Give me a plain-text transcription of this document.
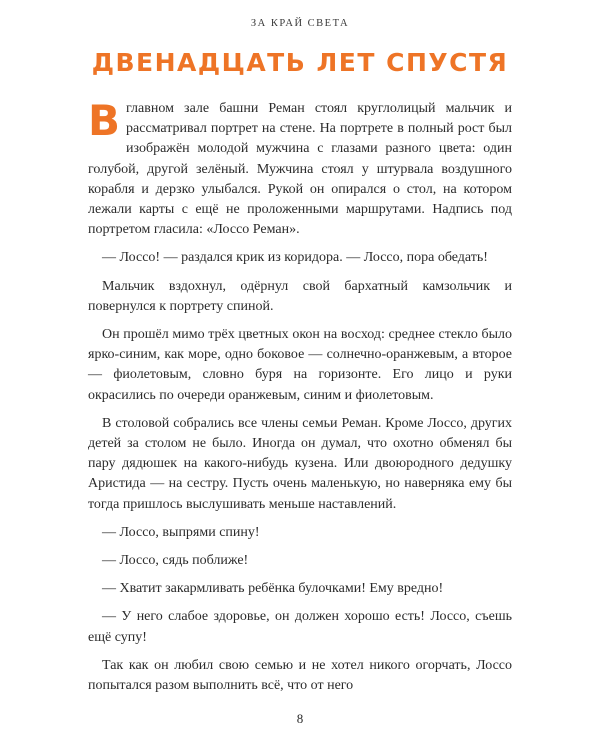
ЗА КРАЙ СВЕТА
ДВЕНАДЦАТЬ ЛЕТ СПУСТЯ

В главном зале башни Реман стоял круглолицый мальчик и рассматривал портрет на стене. На портрете в полный рост был изображён молодой мужчина с глазами разного цвета: один голубой, другой зелёный. Мужчина стоял у штурвала воздушного корабля и дерзко улыбался. Рукой он опирался о стол, на котором лежали карты с ещё не проложенными маршрутами. Надпись под портретом гласила: «Лоссо Реман».

— Лоссо! — раздался крик из коридора. — Лоссо, пора обедать!

Мальчик вздохнул, одёрнул свой бархатный камзольчик и повернулся к портрету спиной.

Он прошёл мимо трёх цветных окон на восход: среднее стекло было ярко-синим, как море, одно боковое — солнечно-оранжевым, а второе — фиолетовым, словно буря на горизонте. Его лицо и руки окрасились по очереди оранжевым, синим и фиолетовым.

В столовой собрались все члены семьи Реман. Кроме Лоссо, других детей за столом не было. Иногда он думал, что охотно обменял бы пару дядюшек на какого-нибудь кузена. Или двоюродного дедушку Аристида — на сестру. Пусть очень маленькую, но наверняка ему бы тогда пришлось выслушивать меньше наставлений.

— Лоссо, выпрями спину!

— Лоссо, сядь поближе!

— Хватит закармливать ребёнка булочками! Ему вредно!

— У него слабое здоровье, он должен хорошо есть! Лоссо, съешь ещё супу!

Так как он любил свою семью и не хотел никого огорчать, Лоссо попытался разом выполнить всё, что от него

8
